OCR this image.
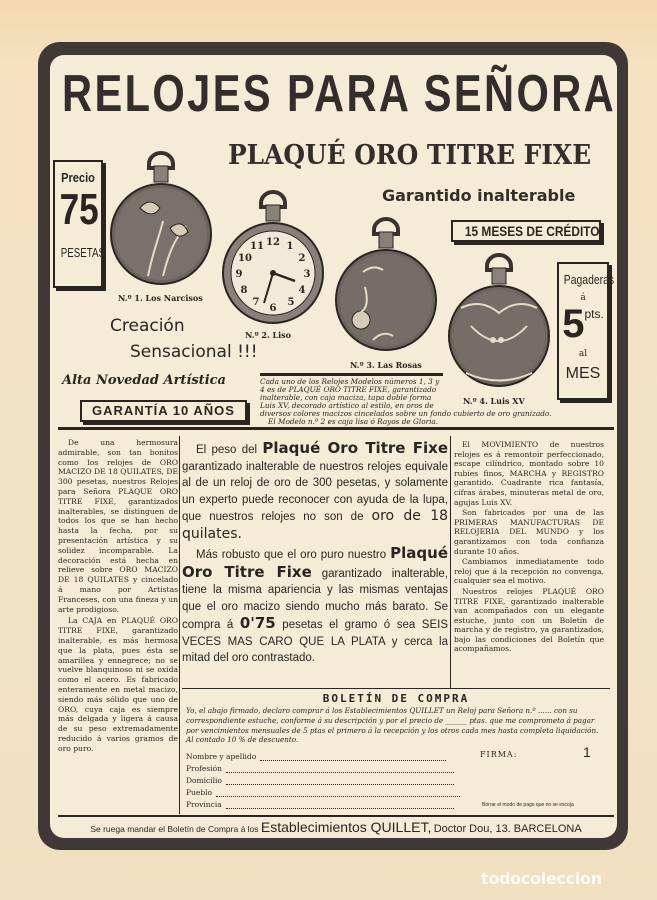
RELOJES PARA SEÑORA
PLAQUÉ ORO TITRE FIXE
Garantido inalterable
Precio
75
PESETAS
15 MESES DE CRÉDITO
Pagaderas
á
5pts.
al
MES
N.º 1. Los Narcisos
12 1
2
3
4
5
6
7
8
9
10
11
N.º 2. Liso
N.º 3. Las Rosas
N.º 4. Luis XV
Creación
Sensacional !!!
Alta Novedad Artística
GARANTÍA 10 AÑOS
Cada uno de los Relojes Modelos números 1, 3 y 4 es de PLAQUÉ ORO TITRE FIXE, garantizado inalterable, con caja maciza, tapa doble forma Luis XV, decorado artístico al estilo, en oros de
diversos colores macizos cincelados sobre un fondo cubierto de oro granizado.
El Modelo n.º 2 es caja lisa ó Rayos de Gloria.

De una hermosura admirable, son tan bonitos como los relojes de ORO MACIZO DE 18 QUILATES, DE 300 pesetas, nuestros Relojes para Señora PLAQUE ORO TITRE FIXE, garantizados inalterables, se distinguen de todos los que se han hecho hasta la fecha, por su presentación artística y su solidez incomparable. La decoración está hecha en relieve sobre ORO MACIZO DE 18 QUILATES y cincelado á mano por Artistas Franceses, con una fineza y un arte prodigioso.

La CAJA en PLAQUÉ ORO TITRE FIXE, garantizado inalterable, es más hermosa que la plata, pues ésta se amarillea y ennegrece; no se vuelve blanquinoso ni se oxida como el acero. Es fabricado enteramente en metal macizo, siendo más sólido que uno de ORO, cuya caja es siempre más delgada y ligera á causa de su peso extremadamente reducido á varios gramos de oro puro.

El peso del Plaqué Oro Titre Fixe garantizado inalterable de nuestros relojes equivale al de un reloj de oro de 300 pesetas, y solamente un experto puede reconocer con ayuda de la lupa, que nuestros relojes no son de oro de 18 quilates.
Más robusto que el oro puro nuestro Plaqué Oro Titre Fixe garantizado inalterable, tiene la misma apariencia y las mismas ventajas que el oro macizo siendo mucho más barato. Se compra á 0'75 pesetas el gramo ó sea SEIS VECES MAS CARO QUE LA PLATA y cerca la mitad del oro contrastado.

El MOVIMIENTO de nuestros relojes es á remontoir perfeccionado, escape cilíndrico, montado sobre 10 rubíes finos, MARCHA y REGISTRO garantido. Cuadrante rica fantasía, cifras árabes, minuteras metal de oro, agujas Luis XV.

Son fabricados por una de las PRIMERAS MANUFACTURAS DE RELOJERIA DEL MUNDO y los garantizamos con toda confianza durante 10 años.

Cambiamos inmediatamente todo reloj que á la recepción no convenga, cualquier sea el motivo.

Nuestros relojes PLAQUÉ ORO TITRE FIXE, garantizado inalterable van acompañados con un elegante estuche, junto con un Boletín de marcha y de registro, ya garantizados, bajo las condiciones del Boletín que acompañamos.

BOLETÍN DE COMPRA
Yo, el abajo firmado, declaro comprar á los Establecimientos QUILLET un Reloj para Señora n.º ...... con su correspondiente estuche, conforme á su descripción y por el precio de ______ ptas. que me comprometo á pagar por vencimientos mensuales de 5 ptas el primero á la recepción y los otros cada mes hasta completa liquidación. Al contado 10 % de descuento.
Nombre y apellido
Profesión
Domicilio
Pueblo
Provincia
FIRMA:	1
Borrar el modo de pago que no se escoja
Se ruega mandar el Boletín de Compra á los Establecimientos QUILLET, Doctor Dou, 13. BARCELONA
todocoleccion
